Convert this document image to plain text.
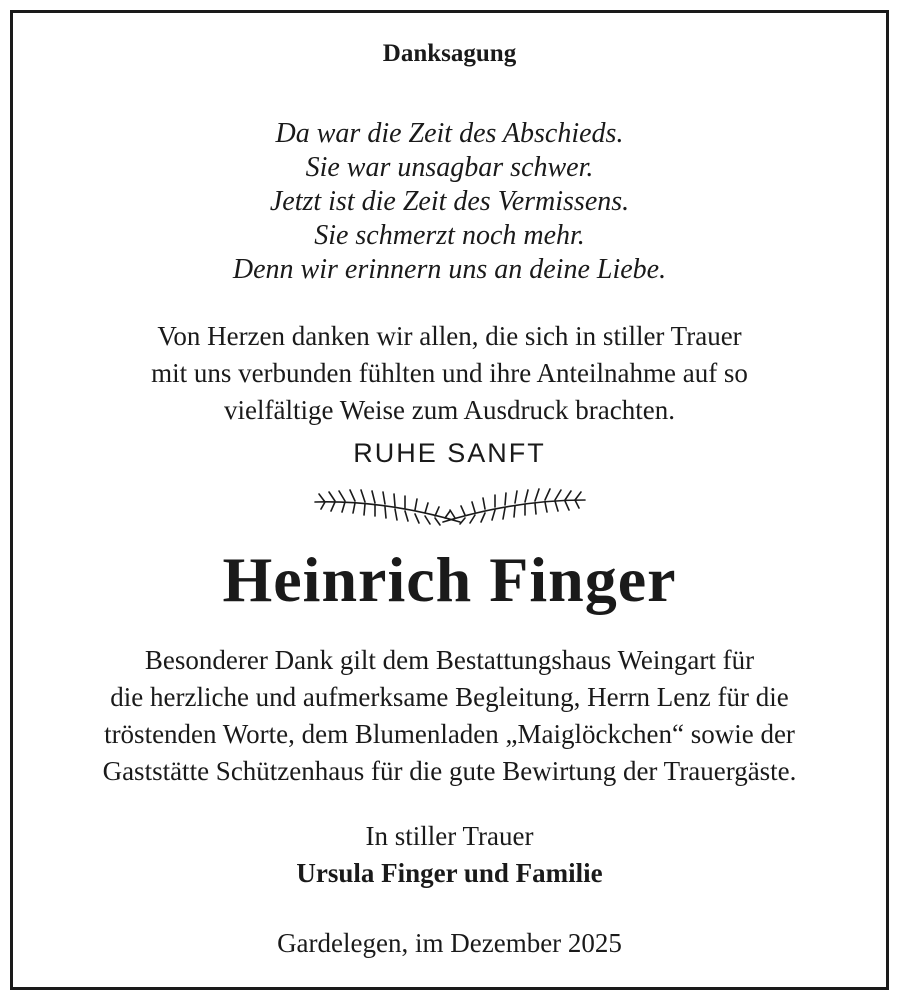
Danksagung
Da war die Zeit des Abschieds.
Sie war unsagbar schwer.
Jetzt ist die Zeit des Vermissens.
Sie schmerzt noch mehr.
Denn wir erinnern uns an deine Liebe.
Von Herzen danken wir allen, die sich in stiller Trauer
mit uns verbunden fühlten und ihre Anteilnahme auf so
vielfältige Weise zum Ausdruck brachten.
RUHE SANFT
Heinrich Finger
Besonderer Dank gilt dem Bestattungshaus Weingart für
die herzliche und aufmerksame Begleitung, Herrn Lenz für die
tröstenden Worte, dem Blumenladen „Maiglöckchen“ sowie der
Gaststätte Schützenhaus für die gute Bewirtung der Trauergäste.
In stiller Trauer
Ursula Finger und Familie
Gardelegen, im Dezember 2025
